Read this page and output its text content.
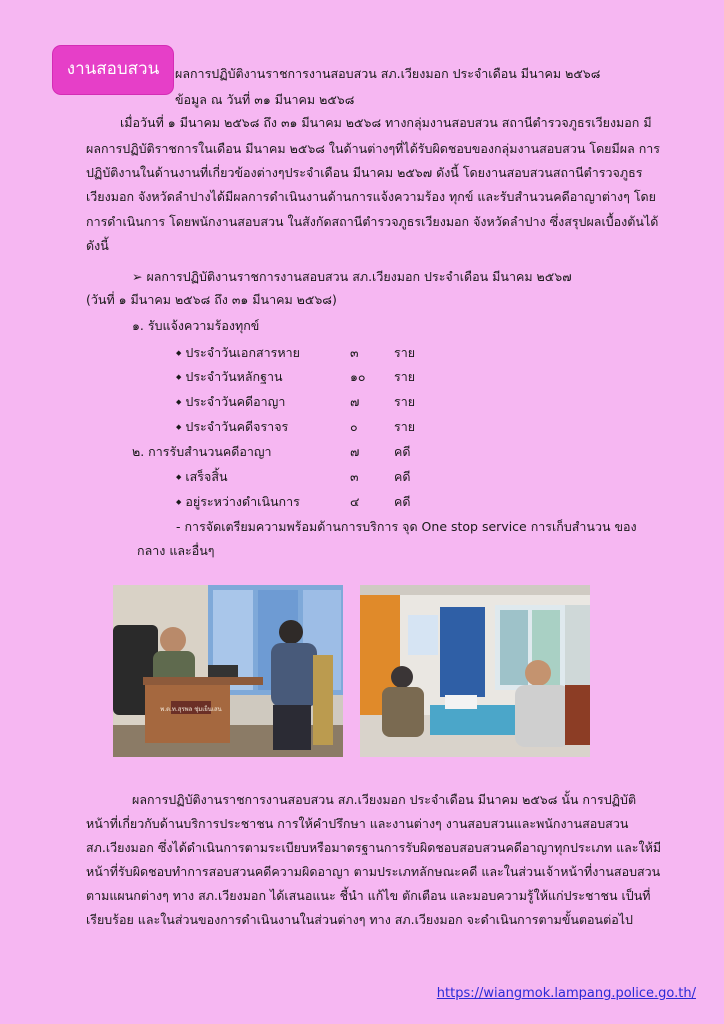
งานสอบสวน	ผลการปฏิบัติงานราชการงานสอบสวน สภ.เวียงมอก ประจำเดือน มีนาคม ๒๕๖๘
ข้อมูล ณ วันที่ ๓๑ มีนาคม ๒๕๖๘
เมื่อวันที่ ๑ มีนาคม ๒๕๖๘ ถึง ๓๑ มีนาคม ๒๕๖๘ ทางกลุ่มงานสอบสวน สถานีตำรวจภูธรเวียงมอก มี
ผลการปฏิบัติราชการในเดือน มีนาคม ๒๕๖๘ ในด้านต่างๆที่ได้รับผิดชอบของกลุ่มงานสอบสวน โดยมีผล การ
ปฏิบัติงานในด้านงานที่เกี่ยวข้องต่างๆประจำเดือน มีนาคม ๒๕๖๗ ดังนี้ โดยงานสอบสวนสถานีตำรวจภูธร
เวียงมอก จังหวัดลำปางได้มีผลการดำเนินงานด้านการแจ้งความร้อง ทุกข์ และรับสำนวนคดีอาญาต่างๆ โดย
การดำเนินการ โดยพนักงานสอบสวน ในสังกัดสถานีตำรวจภูธรเวียงมอก จังหวัดลำปาง ซึ่งสรุปผลเบื้องต้นได้
ดังนี้
➢ ผลการปฏิบัติงานราชการงานสอบสวน สภ.เวียงมอก ประจำเดือน มีนาคม ๒๕๖๗
(วันที่ ๑ มีนาคม ๒๕๖๘ ถึง ๓๑ มีนาคม ๒๕๖๘)
๑. รับแจ้งความร้องทุกข์
◆ ประจำวันเอกสารหาย	๓	ราย
◆ ประจำวันหลักฐาน	๑๐ ราย
◆ ประจำวันคดีอาญา	๗	ราย
◆ ประจำวันคดีจราจร	๐	ราย
๒. การรับสำนวนคดีอาญา	๗	คดี
◆ เสร็จสิ้น	๓	คดี
◆ อยู่ระหว่างดำเนินการ	๔	คดี
- การจัดเตรียมความพร้อมด้านการบริการ จุด One stop service การเก็บสำนวน ของ
กลาง และอื่นๆ
พ.ต.ท.สุรพล ชุ่มเย็นเสน
ผลการปฏิบัติงานราชการงานสอบสวน สภ.เวียงมอก ประจำเดือน มีนาคม ๒๕๖๘ นั้น การปฏิบัติ
หน้าที่เกี่ยวกับด้านบริการประชาชน การให้คำปรึกษา และงานต่างๆ งานสอบสวนและพนักงานสอบสวน
สภ.เวียงมอก ซึ่งได้ดำเนินการตามระเบียบหรือมาตรฐานการรับผิดชอบสอบสวนคดีอาญาทุกประเภท และให้มี
หน้าที่รับผิดชอบทำการสอบสวนคดีความผิดอาญา ตามประเภทลักษณะคดี และในส่วนเจ้าหน้าที่งานสอบสวน
ตามแผนกต่างๆ ทาง สภ.เวียงมอก ได้เสนอแนะ ชี้นำ แก้ไข ตักเตือน และมอบความรู้ให้แก่ประชาชน เป็นที่
เรียบร้อย และในส่วนของการดำเนินงานในส่วนต่างๆ ทาง สภ.เวียงมอก จะดำเนินการตามขั้นตอนต่อไป
https://wiangmok.lampang.police.go.th/
